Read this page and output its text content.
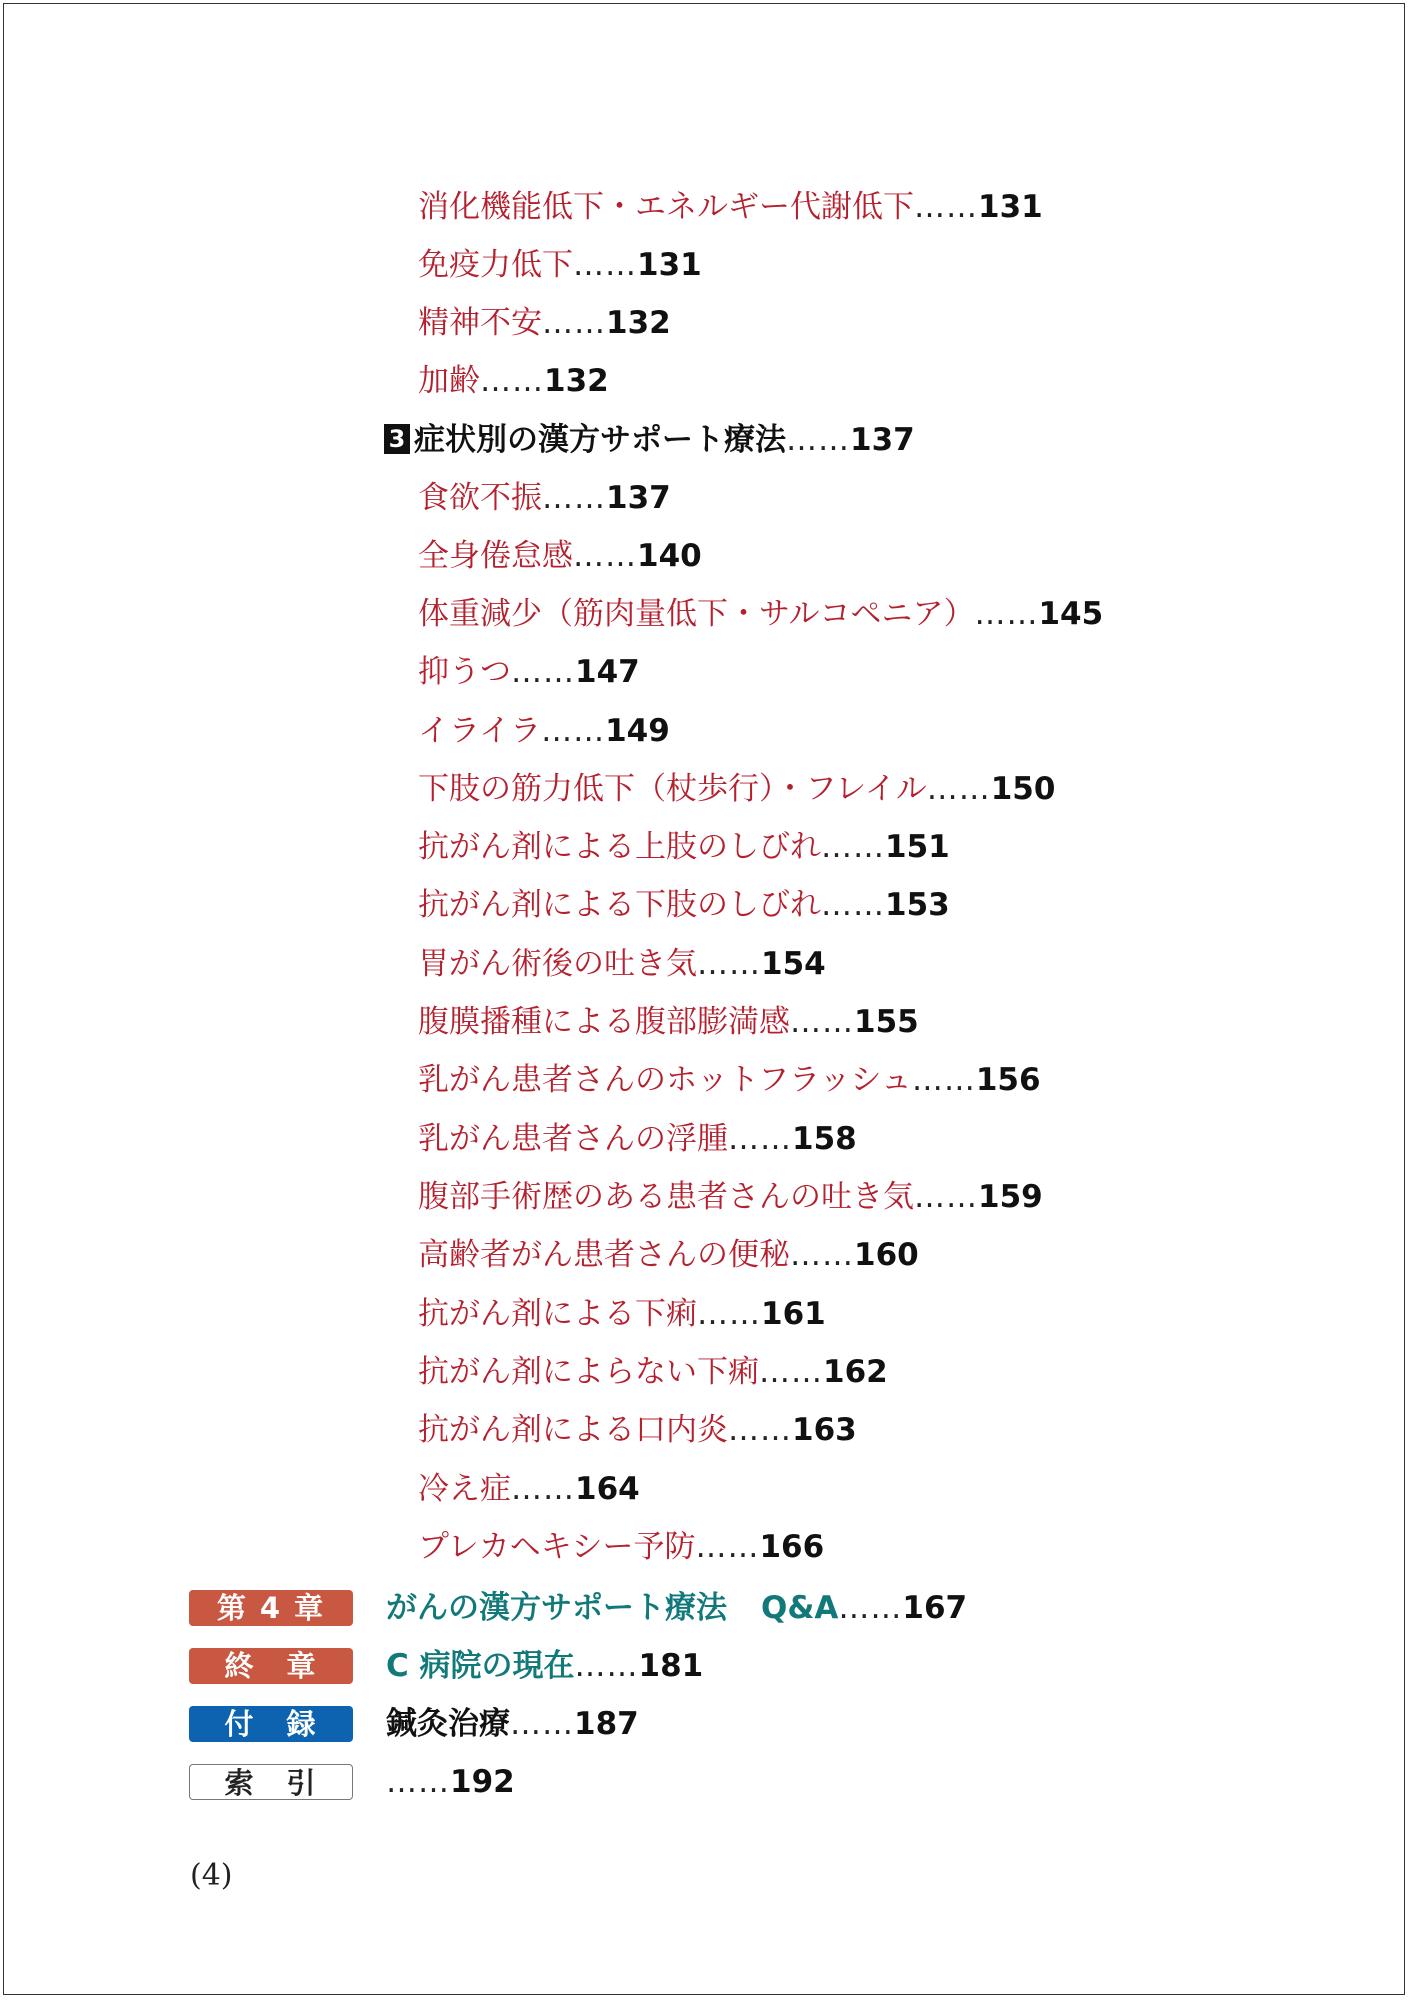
消化機能低下・エネルギー代謝低下……131
免疫力低下……131
精神不安……132
加齢……132
3 症状別の漢方サポート療法……137
食欲不振……137
全身倦怠感……140
体重減少（筋肉量低下・サルコペニア）……145
抑うつ……147
イライラ……149
下肢の筋力低下（杖歩行）・フレイル……150
抗がん剤による上肢のしびれ……151
抗がん剤による下肢のしびれ……153
胃がん術後の吐き気……154
腹膜播種による腹部膨満感……155
乳がん患者さんのホットフラッシュ……156
乳がん患者さんの浮腫……158
腹部手術歴のある患者さんの吐き気……159
高齢者がん患者さんの便秘……160
抗がん剤による下痢……161
抗がん剤によらない下痢……162
抗がん剤による口内炎……163
冷え症……164
プレカヘキシー予防……166
第 4 章	がんの漢方サポート療法 Q&A……167
終　章	C 病院の現在……181
付　録	鍼灸治療……187
索　引	……192
(4)
